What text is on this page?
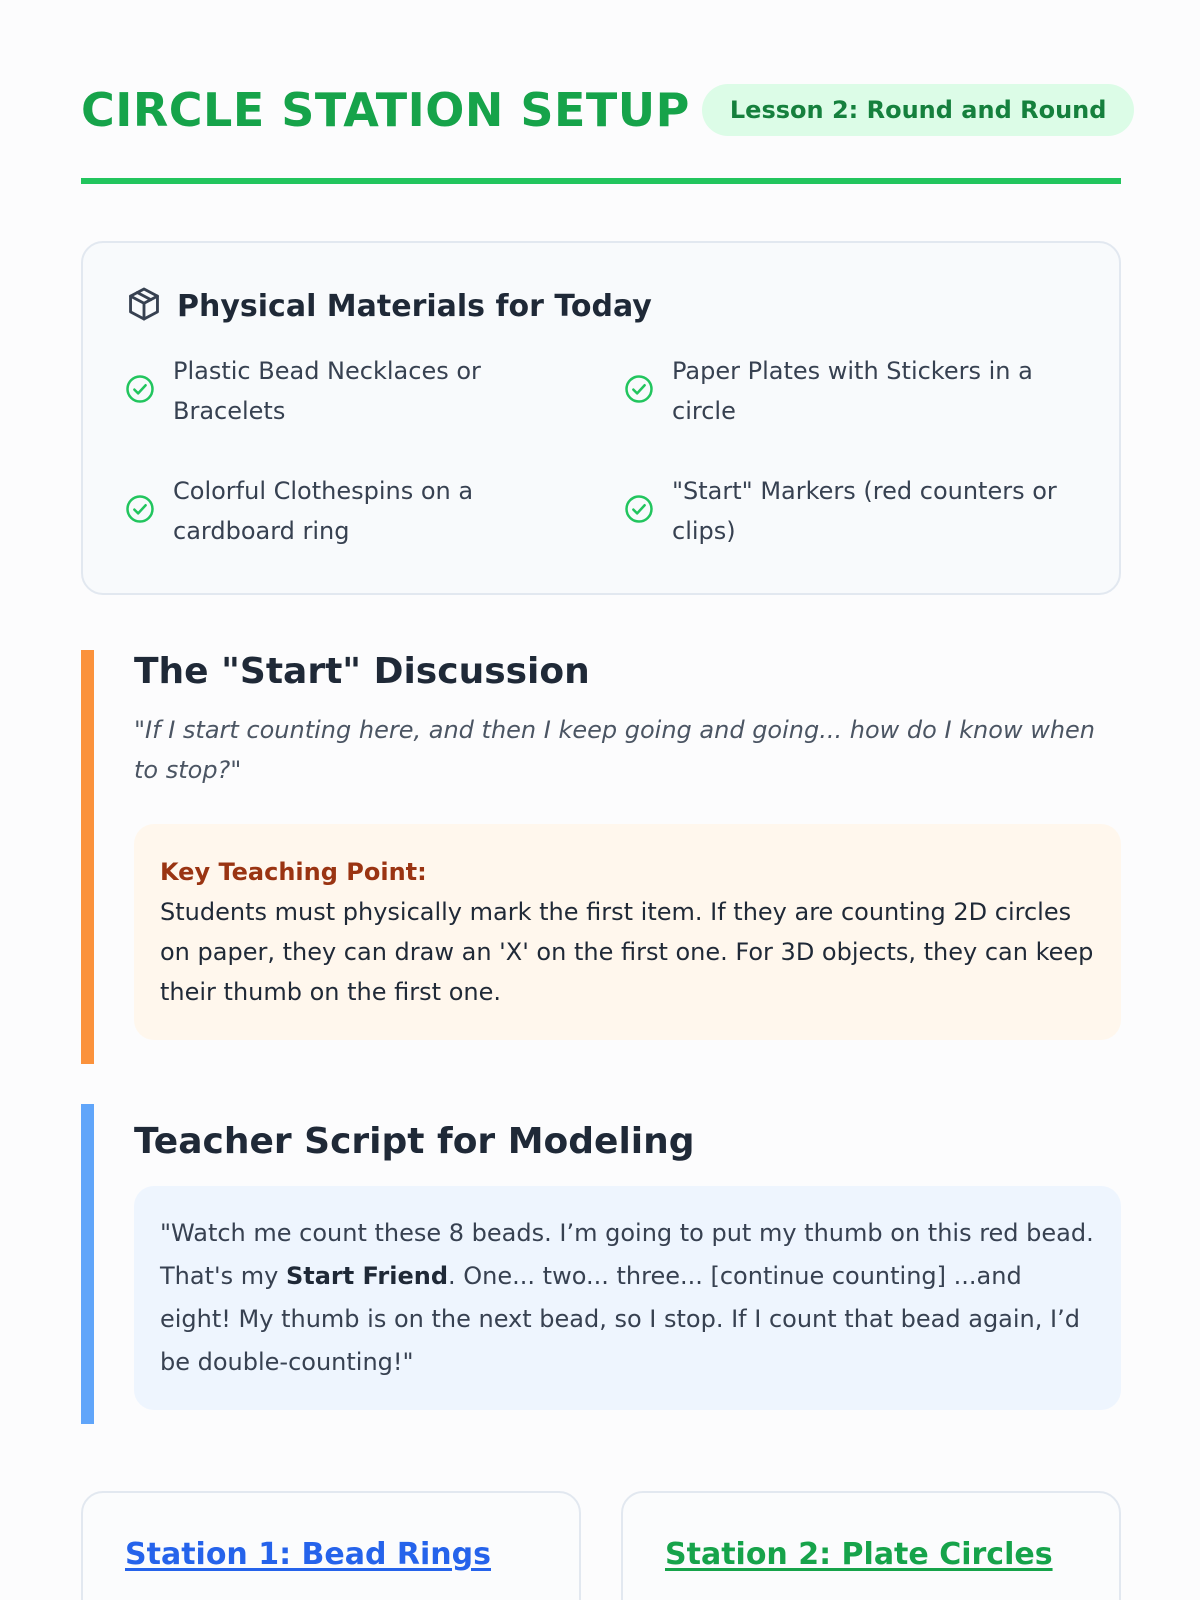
CIRCLE STATION SETUP	Lesson 2: Round and Round
Physical Materials for Today
Plastic Bead Necklaces or Bracelets
Paper Plates with Stickers in a circle
Colorful Clothespins on a cardboard ring
"Start" Markers (red counters or clips)
The "Start" Discussion

"If I start counting here, and then I keep going and going... how do I know when to stop?"

Key Teaching Point:
Students must physically mark the first item. If they are counting 2D circles on paper, they can draw an 'X' on the first one. For 3D objects, they can keep their thumb on the first one.
Teacher Script for Modeling
"Watch me count these 8 beads. I’m going to put my thumb on this red bead. That's my Start Friend. One... two... three... [continue counting] ...and eight! My thumb is on the next bead, so I stop. If I count that bead again, I’d be double-counting!"
Station 1: Bead Rings	Station 2: Plate Circles
